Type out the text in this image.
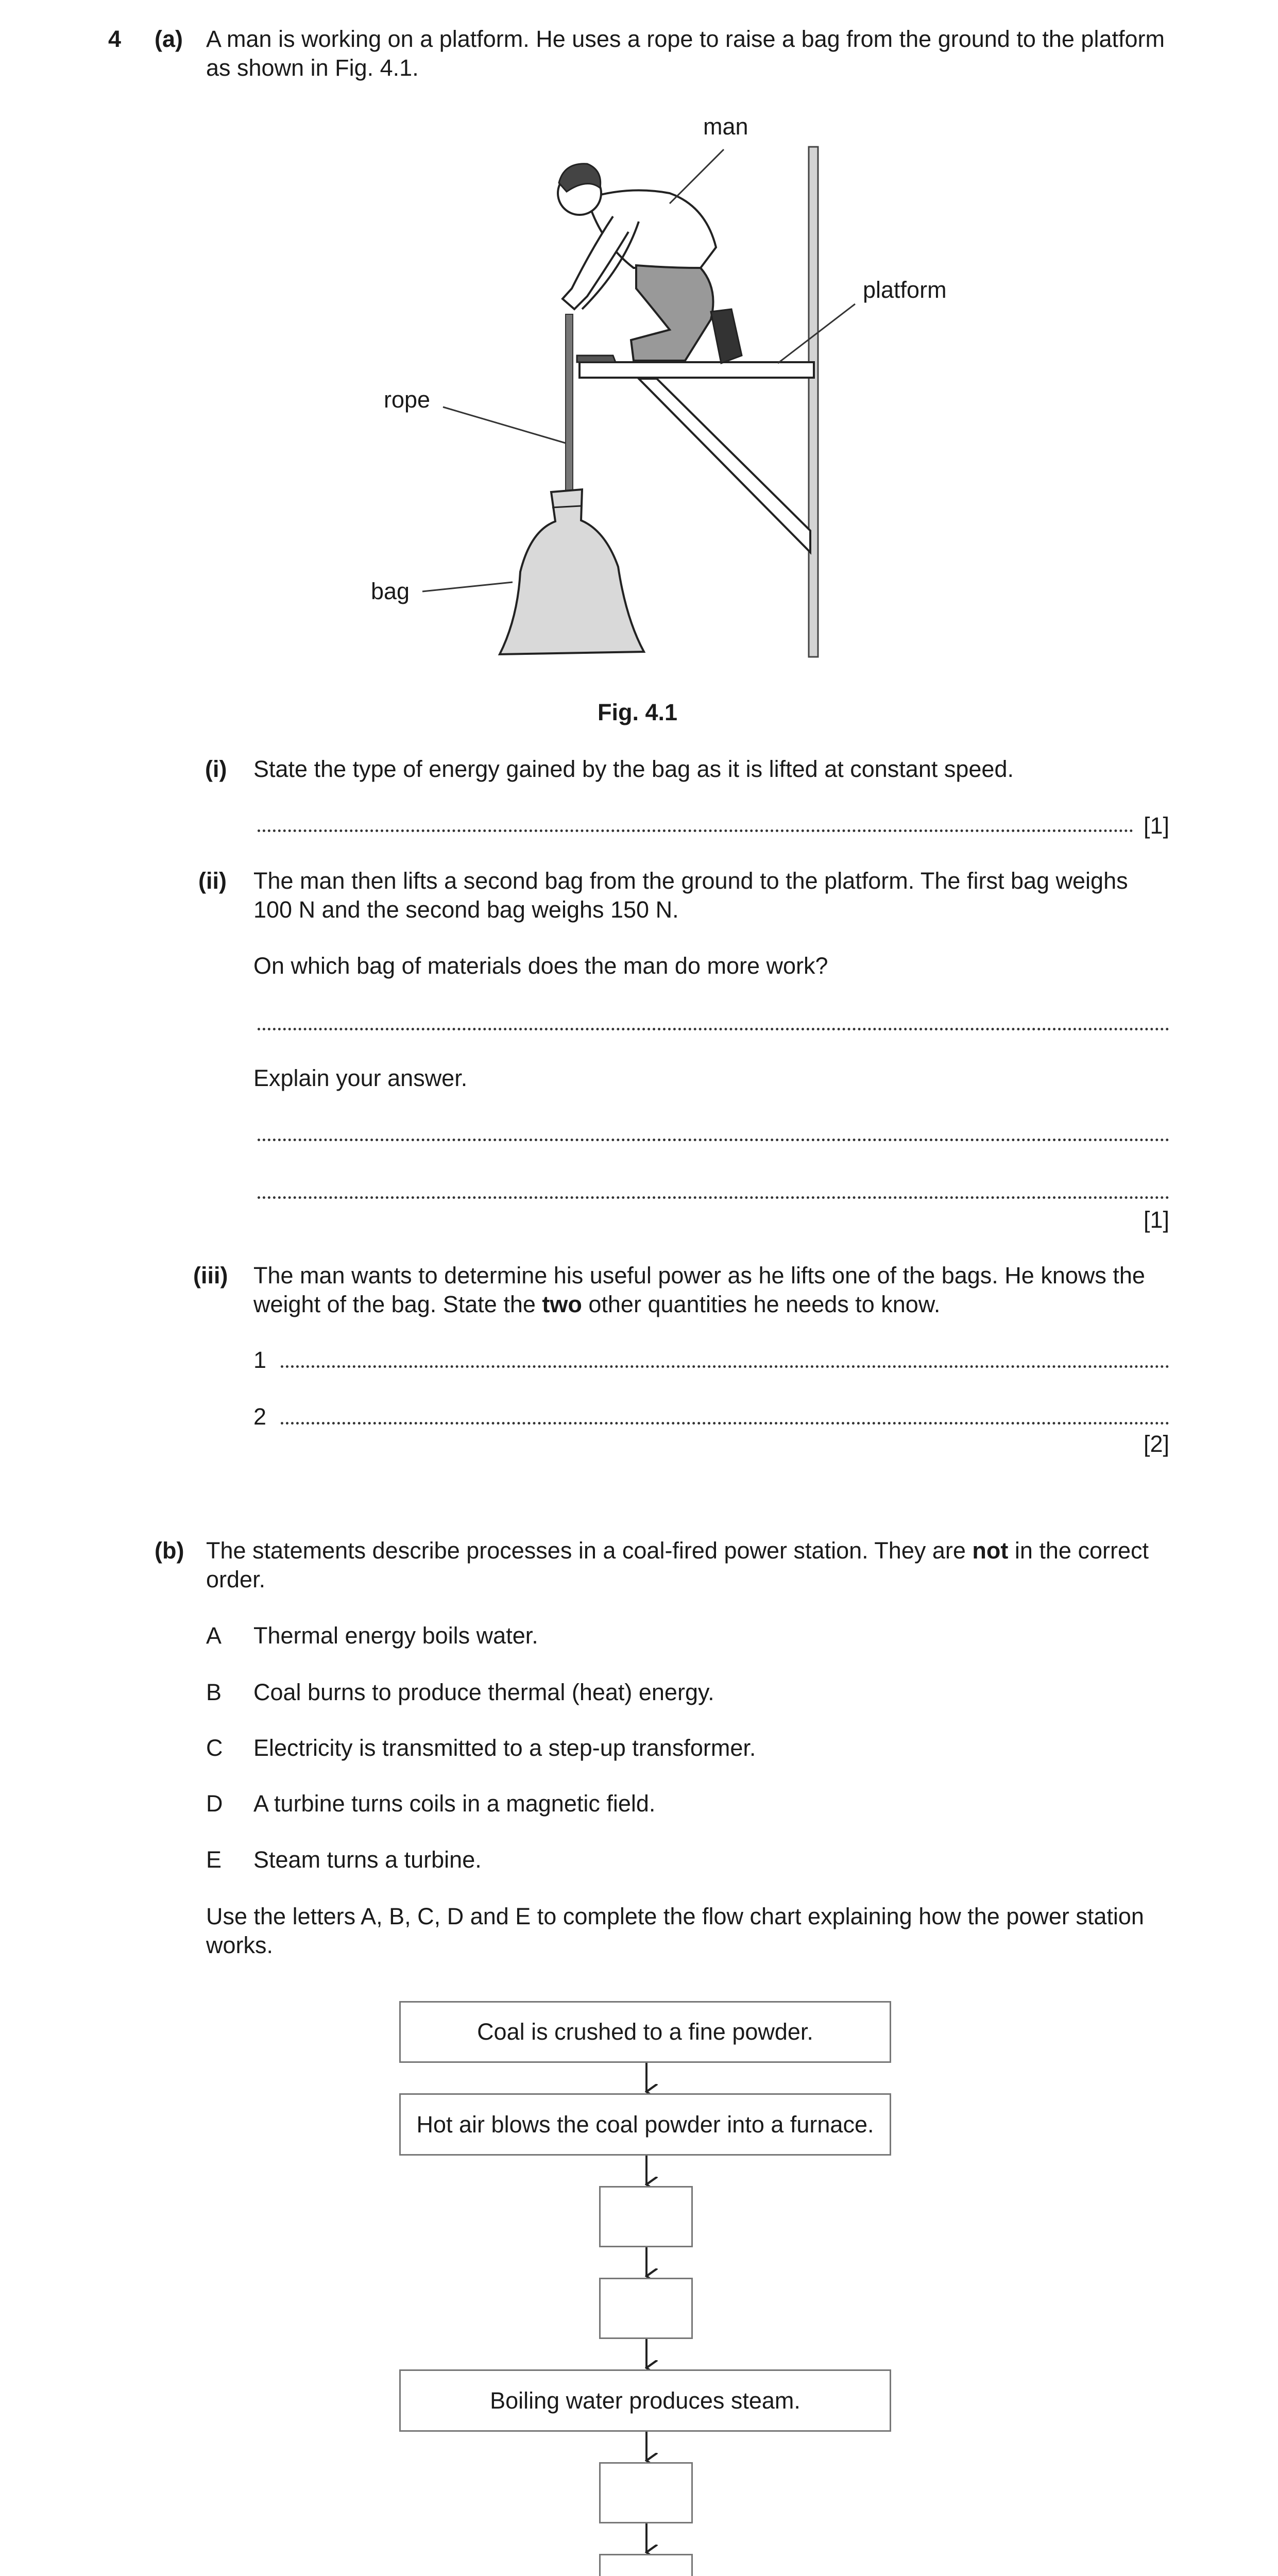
4 (a) A man is working on a platform. He uses a rope to raise a bag from the ground to the platform
as shown in Fig. 4.1.
man
platform
rope
bag
Fig. 4.1
(i) State the type of energy gained by the bag as it is lifted at constant speed.
[1]
(ii) The man then lifts a second bag from the ground to the platform. The first bag weighs
100 N and the second bag weighs 150 N.
On which bag of materials does the man do more work?
Explain your answer.
[1]
(iii) The man wants to determine his useful power as he lifts one of the bags. He knows the
weight of the bag. State the two other quantities he needs to know.
1
2
[2]
(b) The statements describe processes in a coal-fired power station. They are not in the correct
order.
A Thermal energy boils water.
B Coal burns to produce thermal (heat) energy.
C Electricity is transmitted to a step-up transformer.
D A turbine turns coils in a magnetic field.
E Steam turns a turbine.
Use the letters A, B, C, D and E to complete the flow chart explaining how the power station
works.
Coal is crushed to a fine powder.
Hot air blows the coal powder into a furnace.
Boiling water produces steam.
